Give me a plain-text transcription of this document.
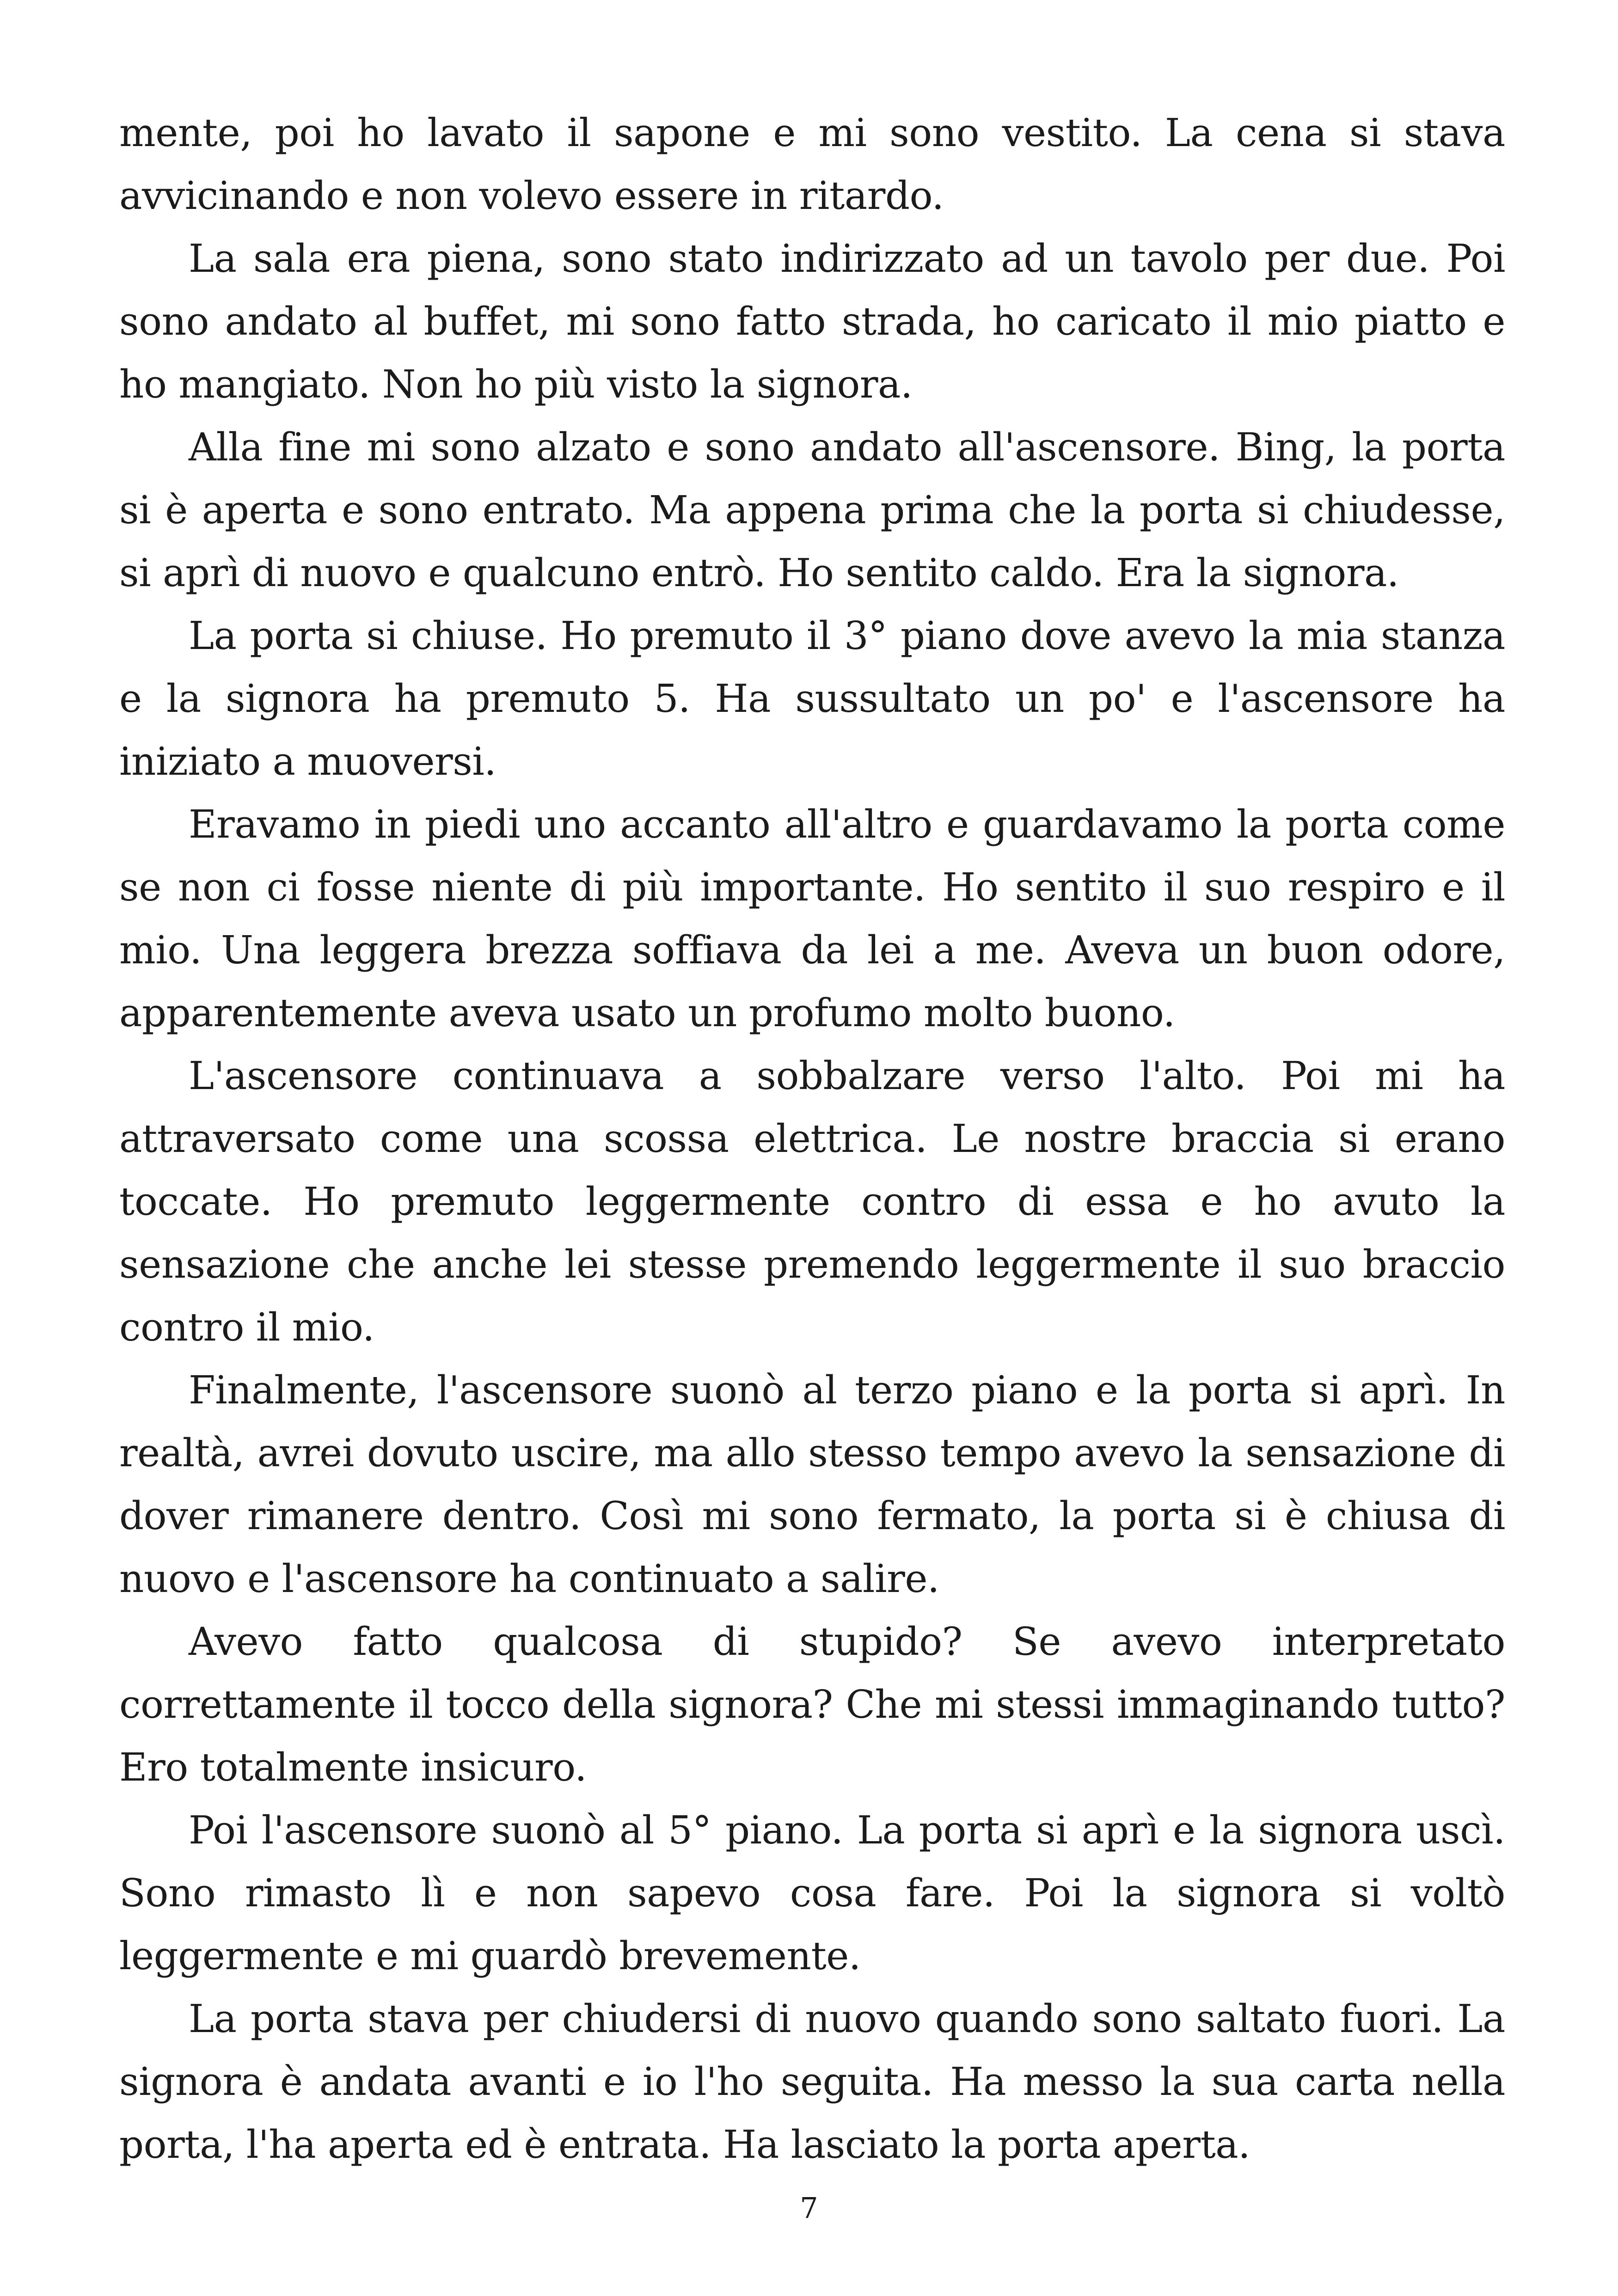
mente, poi ho lavato il sapone e mi sono vestito. La cena si stava avvicinando e non volevo essere in ritardo.

La sala era piena, sono stato indirizzato ad un tavolo per due. Poi sono andato al buffet, mi sono fatto strada, ho caricato il mio piatto e ho mangiato. Non ho più visto la signora.

Alla fine mi sono alzato e sono andato all'ascensore. Bing, la porta si è aperta e sono entrato. Ma appena prima che la porta si chiudesse, si aprì di nuovo e qualcuno entrò. Ho sentito caldo. Era la signora.

La porta si chiuse. Ho premuto il 3° piano dove avevo la mia stanza e la signora ha premuto 5. Ha sussultato un po' e l'ascensore ha iniziato a muoversi.

Eravamo in piedi uno accanto all'altro e guardavamo la porta come se non ci fosse niente di più importante. Ho sentito il suo respiro e il mio. Una leggera brezza soffiava da lei a me. Aveva un buon odore, apparentemente aveva usato un profumo molto buono.

L'ascensore continuava a sobbalzare verso l'alto. Poi mi ha attraversato come una scossa elettrica. Le nostre braccia si erano toccate. Ho premuto leggermente contro di essa e ho avuto la sensazione che anche lei stesse premendo leggermente il suo braccio contro il mio.

Finalmente, l'ascensore suonò al terzo piano e la porta si aprì. In realtà, avrei dovuto uscire, ma allo stesso tempo avevo la sensazione di dover rimanere dentro. Così mi sono fermato, la porta si è chiusa di nuovo e l'ascensore ha continuato a salire.

Avevo fatto qualcosa di stupido? Se avevo interpretato correttamente il tocco della signora? Che mi stessi immaginando tutto? Ero totalmente insicuro.

Poi l'ascensore suonò al 5° piano. La porta si aprì e la signora uscì. Sono rimasto lì e non sapevo cosa fare. Poi la signora si voltò leggermente e mi guardò brevemente.

La porta stava per chiudersi di nuovo quando sono saltato fuori. La signora è andata avanti e io l'ho seguita. Ha messo la sua carta nella porta, l'ha aperta ed è entrata. Ha lasciato la porta aperta.

7
